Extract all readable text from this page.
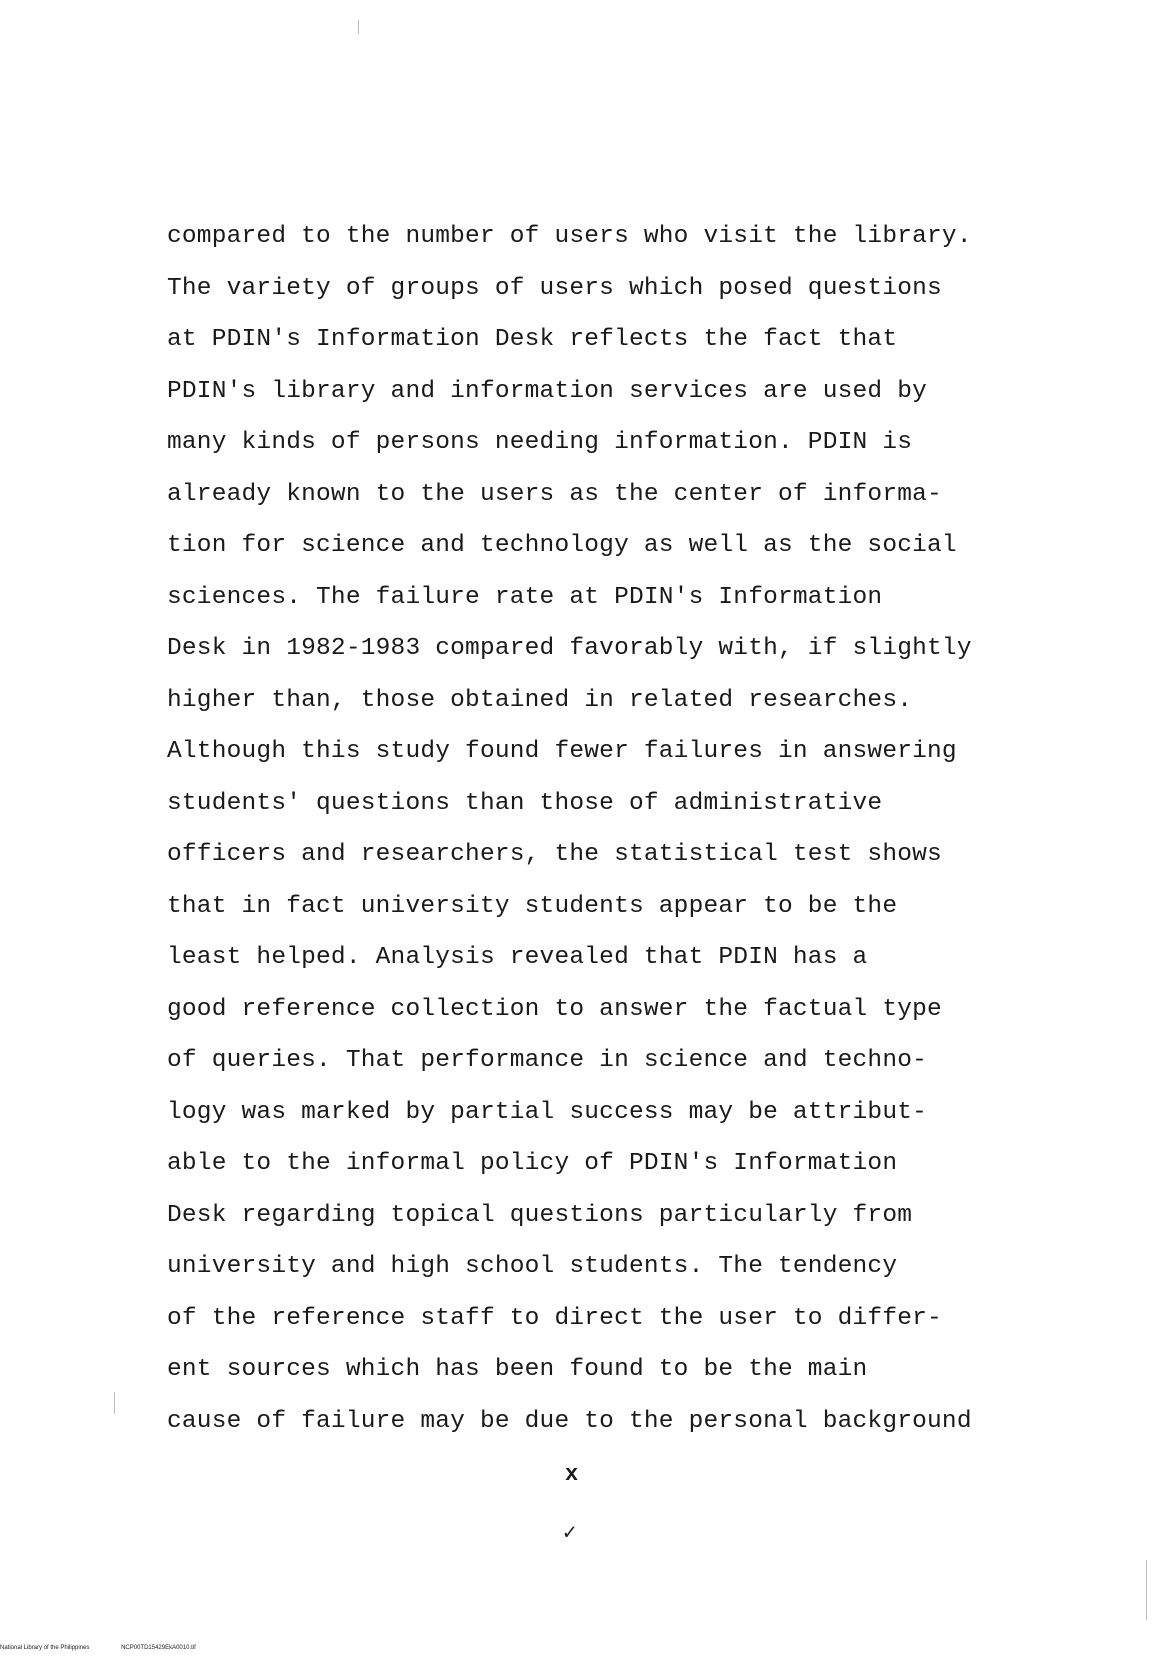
compared to the number of users who visit the library.
The variety of groups of users which posed questions
at PDIN's Information Desk reflects the fact that
PDIN's library and information services are used by
many kinds of persons needing information. PDIN is
already known to the users as the center of informa-
tion for science and technology as well as the social
sciences. The failure rate at PDIN's Information
Desk in 1982-1983 compared favorably with, if slightly
higher than, those obtained in related researches.
Although this study found fewer failures in answering
students' questions than those of administrative
officers and researchers, the statistical test shows
that in fact university students appear to be the
least helped. Analysis revealed that PDIN has a
good reference collection to answer the factual type
of queries. That performance in science and techno-
logy was marked by partial success may be attribut-
able to the informal policy of PDIN's Information
Desk regarding topical questions particularly from
university and high school students. The tendency
of the reference staff to direct the user to differ-
ent sources which has been found to be the main
cause of failure may be due to the personal background
x
✓
National Library of the Philippines	NCP00TD15429EkA0010.tif
